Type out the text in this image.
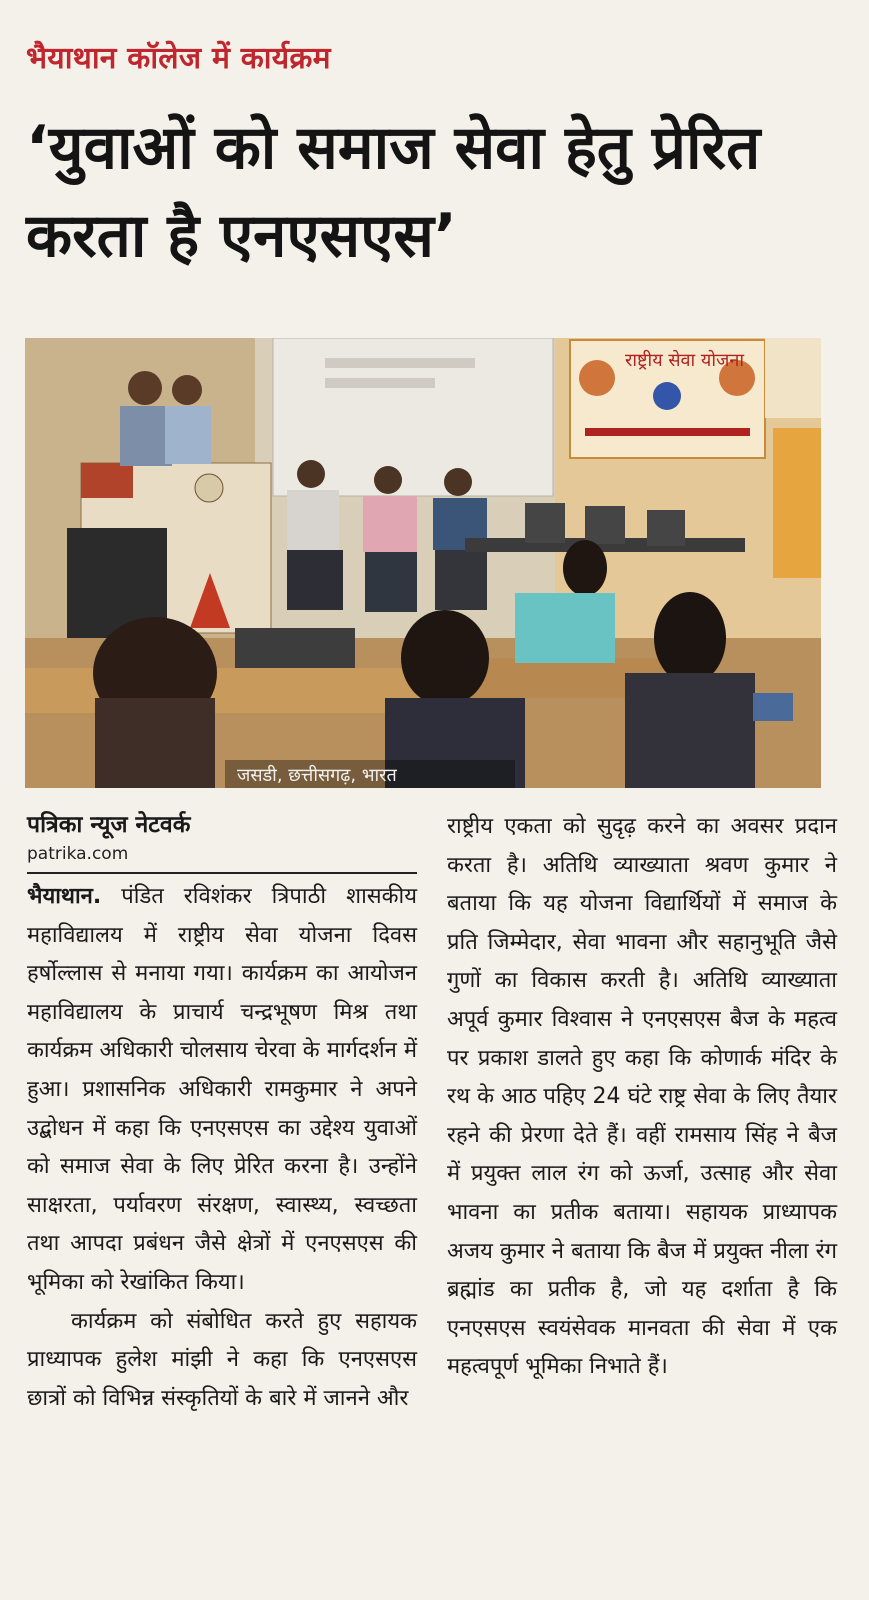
भैयाथान कॉलेज में कार्यक्रम
‘युवाओं को समाज सेवा हेतु प्रेरित करता है एनएसएस’
राष्ट्रीय सेवा योजना
जसडी, छत्तीसगढ़, भारत
पत्रिका न्यूज नेटवर्क
patrika.com

भैयाथान. पंडित रविशंकर त्रिपाठी शासकीय महाविद्यालय में राष्ट्रीय सेवा योजना दिवस हर्षोल्लास से मनाया गया। कार्यक्रम का आयोजन महाविद्यालय के प्राचार्य चन्द्रभूषण मिश्र तथा कार्यक्रम अधिकारी चोलसाय चेरवा के मार्गदर्शन में हुआ। प्रशासनिक अधिकारी रामकुमार ने अपने उद्बोधन में कहा कि एनएसएस का उद्देश्य युवाओं को समाज सेवा के लिए प्रेरित करना है। उन्होंने साक्षरता, पर्यावरण संरक्षण, स्वास्थ्य, स्वच्छता तथा आपदा प्रबंधन जैसे क्षेत्रों में एनएसएस की भूमिका को रेखांकित किया।

कार्यक्रम को संबोधित करते हुए सहायक प्राध्यापक हुलेश मांझी ने कहा कि एनएसएस छात्रों को विभिन्न संस्कृतियों के बारे में जानने और

राष्ट्रीय एकता को सुदृढ़ करने का अवसर प्रदान करता है। अतिथि व्याख्याता श्रवण कुमार ने बताया कि यह योजना विद्यार्थियों में समाज के प्रति जिम्मेदार, सेवा भावना और सहानुभूति जैसे गुणों का विकास करती है। अतिथि व्याख्याता अपूर्व कुमार विश्वास ने एनएसएस बैज के महत्व पर प्रकाश डालते हुए कहा कि कोणार्क मंदिर के रथ के आठ पहिए 24 घंटे राष्ट्र सेवा के लिए तैयार रहने की प्रेरणा देते हैं। वहीं रामसाय सिंह ने बैज में प्रयुक्त लाल रंग को ऊर्जा, उत्साह और सेवा भावना का प्रतीक बताया। सहायक प्राध्यापक अजय कुमार ने बताया कि बैज में प्रयुक्त नीला रंग ब्रह्मांड का प्रतीक है, जो यह दर्शाता है कि एनएसएस स्वयंसेवक मानवता की सेवा में एक महत्वपूर्ण भूमिका निभाते हैं।
